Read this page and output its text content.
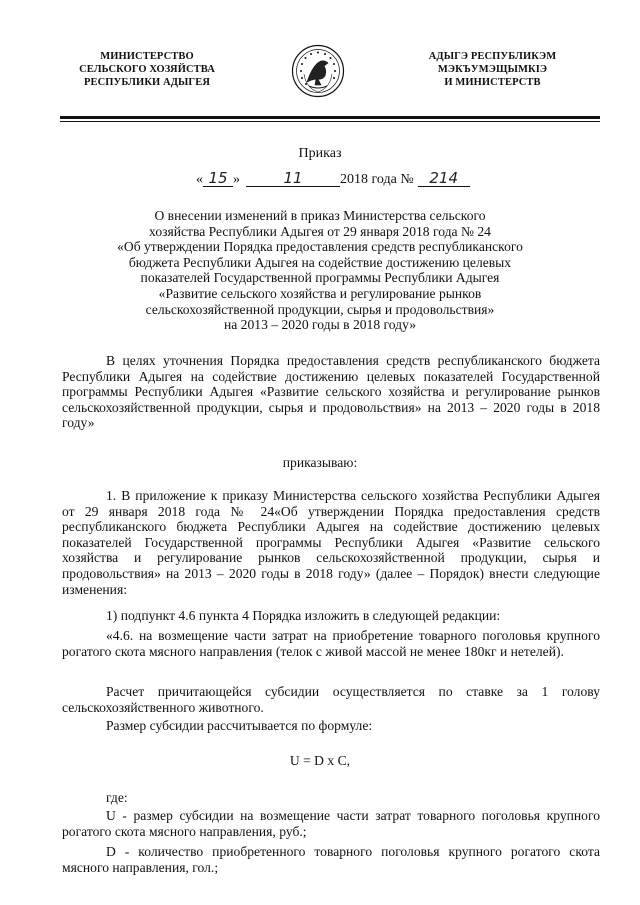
МИНИСТЕРСТВО
СЕЛЬСКОГО ХОЗЯЙСТВА
РЕСПУБЛИКИ АДЫГЕЯ
АДЫГЭ РЕСПУБЛИКЭМ
МЭКЪУМЭЩЫМКIЭ
И МИНИСТЕРСТВ
Приказ
« 15 »	11	2018 года № 214
О внесении изменений в приказ Министерства сельского
хозяйства Республики Адыгея от 29 января 2018 года № 24
«Об утверждении Порядка предоставления средств республиканского
бюджета Республики Адыгея на содействие достижению целевых
показателей Государственной программы Республики Адыгея
«Развитие сельского хозяйства и регулирование рынков
сельскохозяйственной продукции, сырья и продовольствия»
на 2013 – 2020 годы в 2018 году»
В целях уточнения Порядка предоставления средств республиканского бюджета Республики Адыгея на содействие достижению целевых показателей Государственной программы Республики Адыгея «Развитие сельского хозяйства и регулирование рынков сельскохозяйственной продукции, сырья и продовольствия» на 2013 – 2020 годы в 2018 году»
приказываю:
1. В приложение к приказу Министерства сельского хозяйства Республики Адыгея от 29 января 2018 года № 24«Об утверждении Порядка предоставления средств республиканского бюджета Республики Адыгея на содействие достижению целевых показателей Государственной программы Республики Адыгея «Развитие сельского хозяйства и регулирование рынков сельскохозяйственной продукции, сырья и продовольствия» на 2013 – 2020 годы в 2018 году» (далее – Порядок) внести следующие изменения:
1) подпункт 4.6 пункта 4 Порядка изложить в следующей редакции:
«4.6. на возмещение части затрат на приобретение товарного поголовья крупного рогатого скота мясного направления (телок с живой массой не менее 180кг и нетелей).
Расчет причитающейся субсидии осуществляется по ставке за 1 голову сельскохозяйственного животного.
Размер субсидии рассчитывается по формуле:
U = D x C,
где:
U - размер субсидии на возмещение части затрат товарного поголовья крупного рогатого скота мясного направления, руб.;
D - количество приобретенного товарного поголовья крупного рогатого скота мясного направления, гол.;
